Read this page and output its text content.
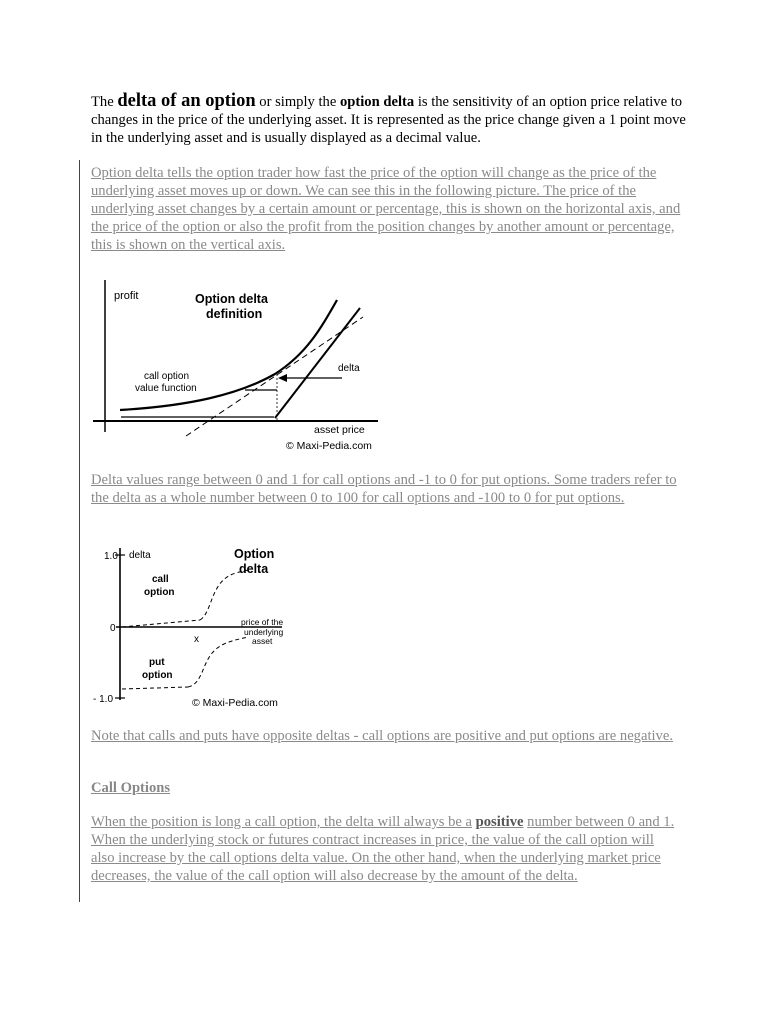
The delta of an option or simply the option delta is the sensitivity of an option price relative to changes in the price of the underlying asset. It is represented as the price change given a 1 point move in the underlying asset and is usually displayed as a decimal value.

Option delta tells the option trader how fast the price of the option will change as the price of the underlying asset moves up or down. We can see this in the following picture. The price of the underlying asset changes by a certain amount or percentage, this is shown on the horizontal axis, and the price of the option or also the profit from the position changes by another amount or percentage, this is shown on the vertical axis.

profit	Option delta
definition
call option
value function
delta
asset price
© Maxi-Pedia.com

Delta values range between 0 and 1 for call options and -1 to 0 for put options. Some traders refer to the delta as a whole number between 0 to 100 for call options and -100 to 0 for put options.

1.0 delta	Option
delta
call
option
0
x
price of the
underlying
asset
put
option
- 1.0	© Maxi-Pedia.com

Note that calls and puts have opposite deltas - call options are positive and put options are negative.

Call Options

When the position is long a call option, the delta will always be a positive number between 0 and 1. When the underlying stock or futures contract increases in price, the value of the call option will also increase by the call options delta value. On the other hand, when the underlying market price decreases, the value of the call option will also decrease by the amount of the delta.
